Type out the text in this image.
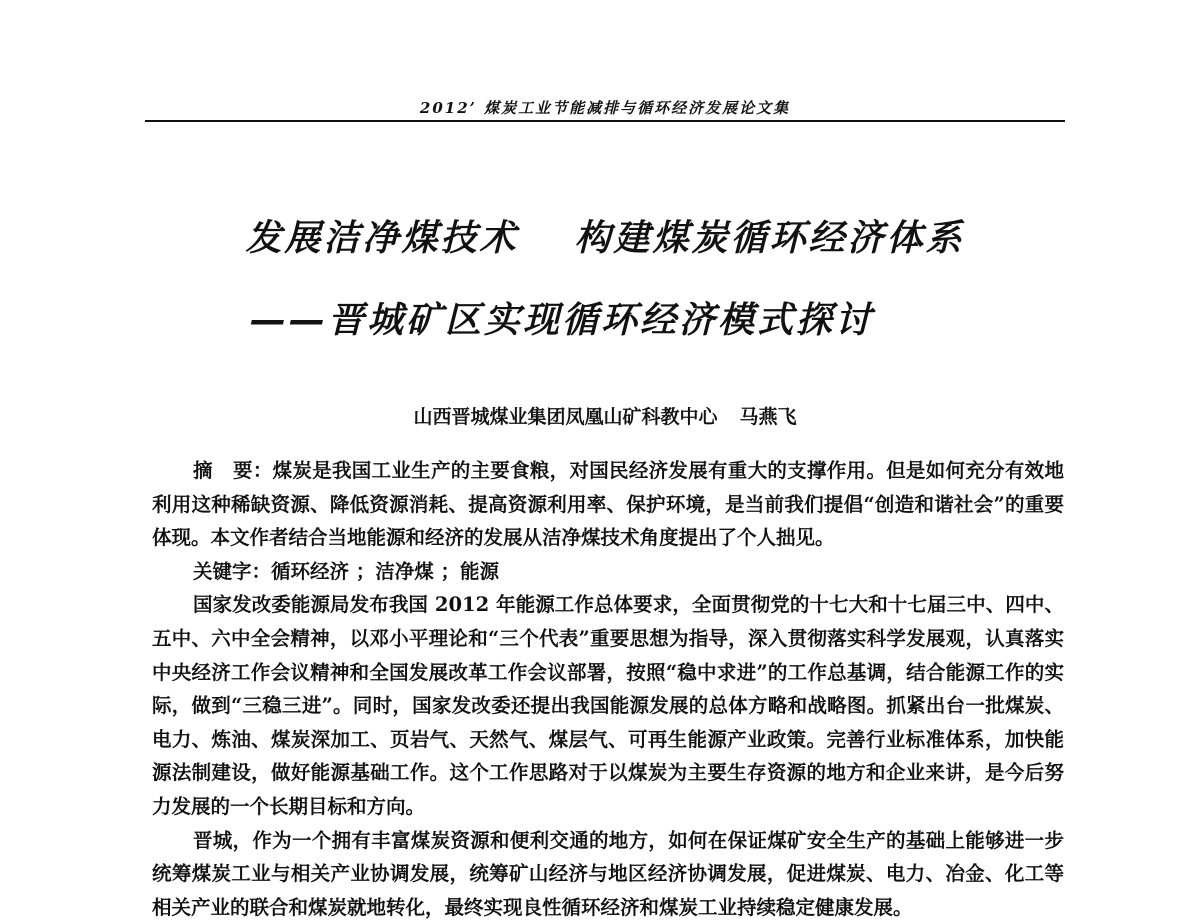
2012’ 煤炭工业节能减排与循环经济发展论文集
发展洁净煤技术 构建煤炭循环经济体系
——晋城矿区实现循环经济模式探讨
山西晋城煤业集团凤凰山矿科教中心 马燕飞

摘 要：煤炭是我国工业生产的主要食粮，对国民经济发展有重大的支撑作用。但是如何充分有效地利用这种稀缺资源、降低资源消耗、提高资源利用率、保护环境，是当前我们提倡“创造和谐社会”的重要体现。本文作者结合当地能源和经济的发展从洁净煤技术角度提出了个人拙见。

关键字：循环经济 ；洁净煤 ；能源

国家发改委能源局发布我国 2012 年能源工作总体要求，全面贯彻党的十七大和十七届三中、四中、五中、六中全会精神，以邓小平理论和“三个代表”重要思想为指导，深入贯彻落实科学发展观，认真落实中央经济工作会议精神和全国发展改革工作会议部署，按照“稳中求进”的工作总基调，结合能源工作的实际，做到“三稳三进”。同时，国家发改委还提出我国能源发展的总体方略和战略图。抓紧出台一批煤炭、电力、炼油、煤炭深加工、页岩气、天然气、煤层气、可再生能源产业政策。完善行业标准体系，加快能源法制建设，做好能源基础工作。这个工作思路对于以煤炭为主要生存资源的地方和企业来讲，是今后努力发展的一个长期目标和方向。

晋城，作为一个拥有丰富煤炭资源和便利交通的地方，如何在保证煤矿安全生产的基础上能够进一步统筹煤炭工业与相关产业协调发展，统筹矿山经济与地区经济协调发展，促进煤炭、电力、冶金、化工等相关产业的联合和煤炭就地转化，最终实现良性循环经济和煤炭工业持续稳定健康发展。
